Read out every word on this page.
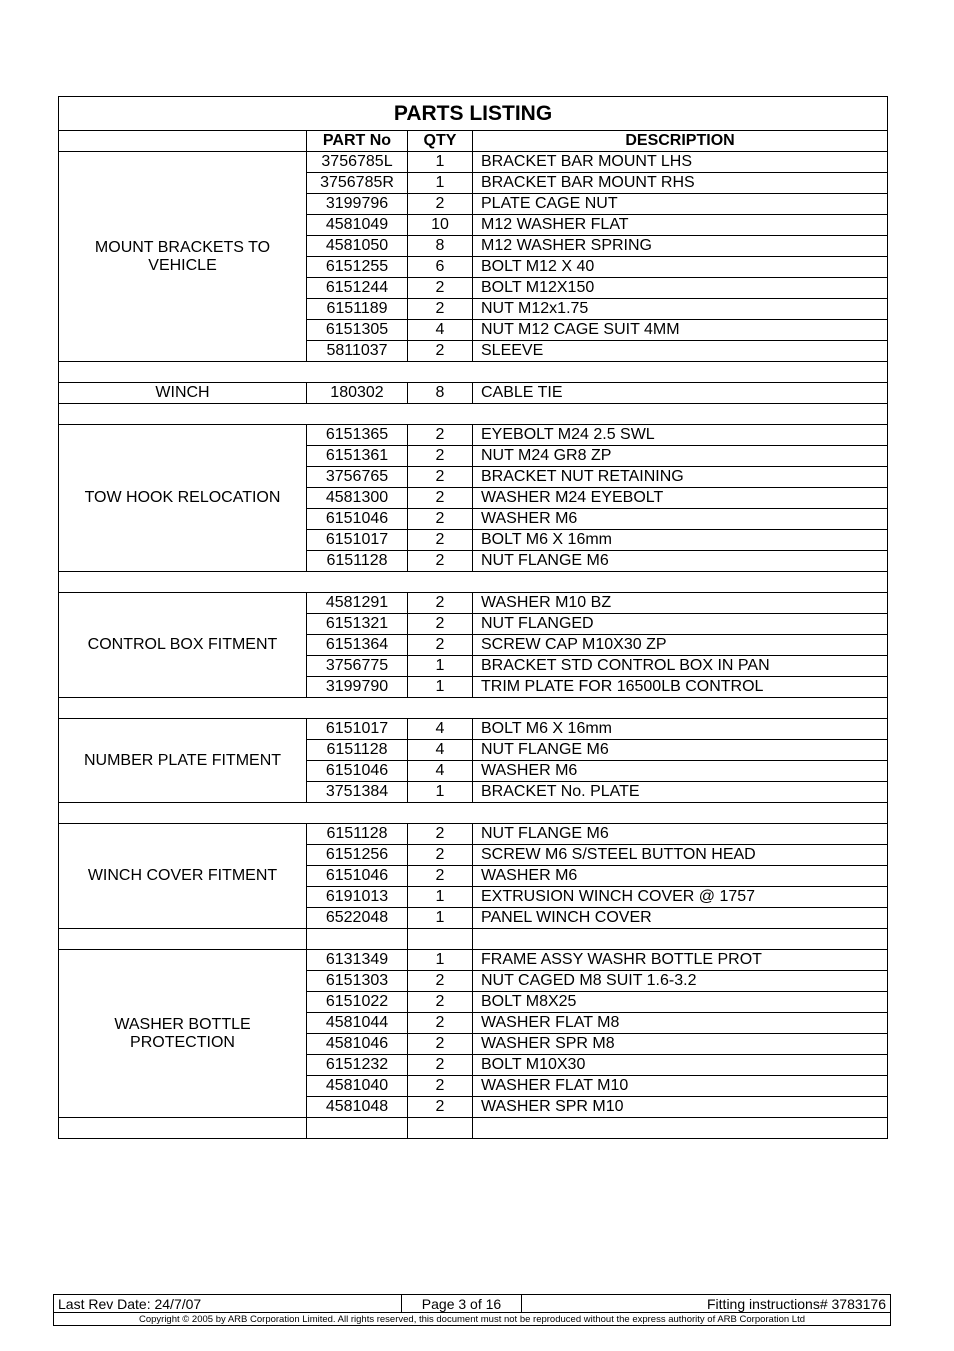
PARTS LISTING			
	PART No	QTY	DESCRIPTION
MOUNT BRACKETS TO VEHICLE	3756785L	1	BRACKET BAR MOUNT LHS
	3756785R	1	BRACKET BAR MOUNT RHS
	3199796	2	PLATE CAGE NUT
	4581049	10	M12 WASHER FLAT
	4581050	8	M12 WASHER SPRING
	6151255	6	BOLT M12 X 40
	6151244	2	BOLT M12X150
	6151189	2	NUT M12x1.75
	6151305	4	NUT M12 CAGE SUIT 4MM
	5811037	2	SLEEVE

WINCH	180302	8	CABLE TIE

TOW HOOK RELOCATION	6151365	2	EYEBOLT M24 2.5 SWL
	6151361	2	NUT M24 GR8 ZP
	3756765	2	BRACKET NUT RETAINING
	4581300	2	WASHER M24 EYEBOLT
	6151046	2	WASHER M6
	6151017	2	BOLT M6 X 16mm
	6151128	2	NUT FLANGE M6

CONTROL BOX FITMENT	4581291	2	WASHER M10 BZ
	6151321	2	NUT FLANGED
	6151364	2	SCREW CAP M10X30 ZP
	3756775	1	BRACKET STD CONTROL BOX IN PAN
	3199790	1	TRIM PLATE FOR 16500LB CONTROL

NUMBER PLATE FITMENT	6151017	4	BOLT M6 X 16mm
	6151128	4	NUT FLANGE M6
	6151046	4	WASHER M6
	3751384	1	BRACKET No. PLATE

WINCH COVER FITMENT	6151128	2	NUT FLANGE M6
	6151256	2	SCREW M6 S/STEEL BUTTON HEAD
	6151046	2	WASHER M6
	6191013	1	EXTRUSION WINCH COVER @ 1757
	6522048	1	PANEL WINCH COVER

WASHER BOTTLE PROTECTION	6131349	1	FRAME ASSY WASHR BOTTLE PROT
	6151303	2	NUT CAGED M8 SUIT 1.6-3.2
	6151022	2	BOLT M8X25
	4581044	2	WASHER FLAT M8
	4581046	2	WASHER SPR M8
	6151232	2	BOLT M10X30
	4581040	2	WASHER FLAT M10
	4581048	2	WASHER SPR M10

Last Rev Date: 24/7/07	Page 3 of 16	Fitting instructions# 3783176
Copyright © 2005 by ARB Corporation Limited. All rights reserved, this document must not be reproduced without the express authority of ARB Corporation Ltd
